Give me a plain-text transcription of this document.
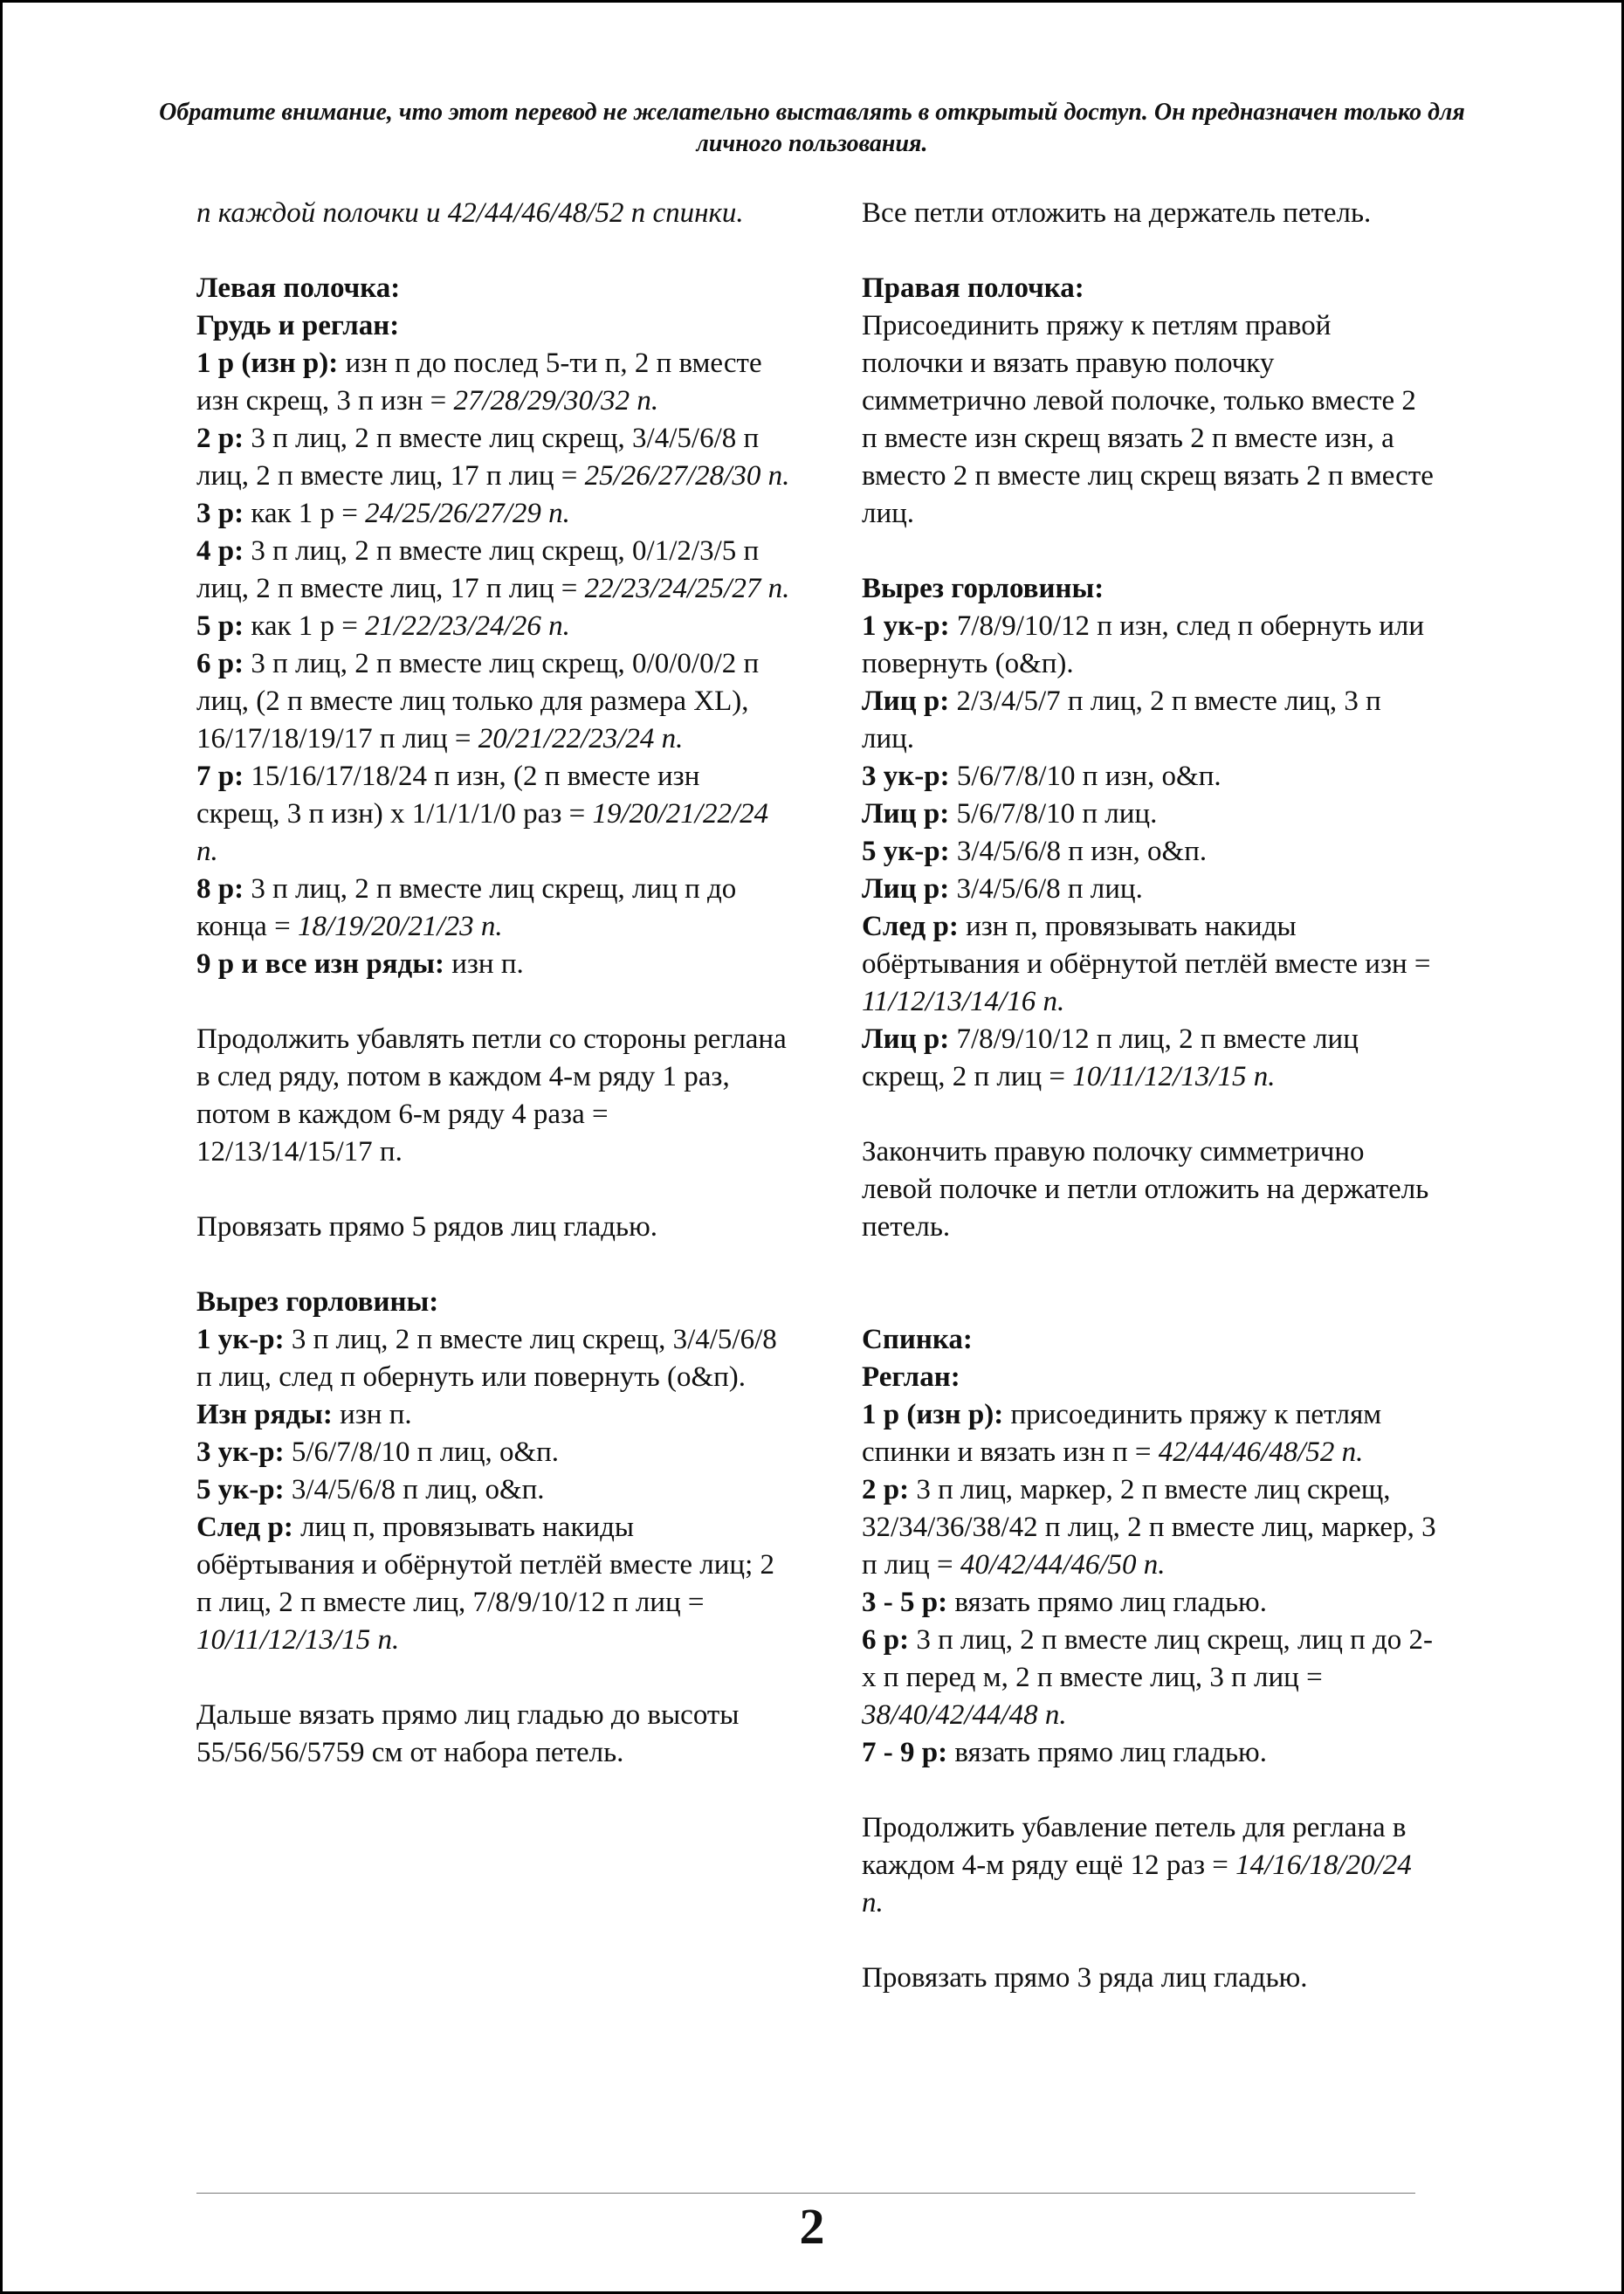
Обратите внимание, что этот перевод не желательно выставлять в открытый доступ. Он предназначен только для личного пользования.

п каждой полочки и 42/44/46/48/52 п спинки.

Левая полочка:

Грудь и реглан:

1 р (изн р): изн п до послед 5-ти п, 2 п вместе изн скрещ, 3 п изн = 27/28/29/30/32 п.

2 р: 3 п лиц, 2 п вместе лиц скрещ, 3/4/5/6/8 п лиц, 2 п вместе лиц, 17 п лиц = 25/26/27/28/30 п.

3 р: как 1 р = 24/25/26/27/29 п.

4 р: 3 п лиц, 2 п вместе лиц скрещ, 0/1/2/3/5 п лиц, 2 п вместе лиц, 17 п лиц = 22/23/24/25/27 п.

5 р: как 1 р = 21/22/23/24/26 п.

6 р: 3 п лиц, 2 п вместе лиц скрещ, 0/0/0/0/2 п лиц, (2 п вместе лиц только для размера XL), 16/17/18/19/17 п лиц = 20/21/22/23/24 п.

7 р: 15/16/17/18/24 п изн, (2 п вместе изн скрещ, 3 п изн) х 1/1/1/1/0 раз = 19/20/21/22/24 п.

8 р: 3 п лиц, 2 п вместе лиц скрещ, лиц п до конца = 18/19/20/21/23 п.

9 р и все изн ряды: изн п.

Продолжить убавлять петли со стороны реглана в след ряду, потом в каждом 4-м ряду 1 раз, потом в каждом 6-м ряду 4 раза = 12/13/14/15/17 п.

Провязать прямо 5 рядов лиц гладью.

Вырез горловины:

1 ук-р: 3 п лиц, 2 п вместе лиц скрещ, 3/4/5/6/8 п лиц, след п обернуть или повернуть (о&п).

Изн ряды: изн п.

3 ук-р: 5/6/7/8/10 п лиц, о&п.

5 ук-р: 3/4/5/6/8 п лиц, о&п.

След р: лиц п, провязывать накиды обёртывания и обёрнутой петлёй вместе лиц; 2 п лиц, 2 п вместе лиц, 7/8/9/10/12 п лиц = 10/11/12/13/15 п.

Дальше вязать прямо лиц гладью до высоты 55/56/56/5759 см от набора петель.

Все петли отложить на держатель петель.

Правая полочка:

Присоединить пряжу к петлям правой полочки и вязать правую полочку симметрично левой полочке, только вместе 2 п вместе изн скрещ вязать 2 п вместе изн, а вместо 2 п вместе лиц скрещ вязать 2 п вместе лиц.

Вырез горловины:

1 ук-р: 7/8/9/10/12 п изн, след п обернуть или повернуть (о&п).

Лиц р: 2/3/4/5/7 п лиц, 2 п вместе лиц, 3 п лиц.

3 ук-р: 5/6/7/8/10 п изн, о&п.

Лиц р: 5/6/7/8/10 п лиц.

5 ук-р: 3/4/5/6/8 п изн, о&п.

Лиц р: 3/4/5/6/8 п лиц.

След р: изн п, провязывать накиды обёртывания и обёрнутой петлёй вместе изн = 11/12/13/14/16 п.

Лиц р: 7/8/9/10/12 п лиц, 2 п вместе лиц скрещ, 2 п лиц = 10/11/12/13/15 п.

Закончить правую полочку симметрично левой полочке и петли отложить на держатель петель.

Спинка:

Реглан:

1 р (изн р): присоединить пряжу к петлям спинки и вязать изн п = 42/44/46/48/52 п.

2 р: 3 п лиц, маркер, 2 п вместе лиц скрещ, 32/34/36/38/42 п лиц, 2 п вместе лиц, маркер, 3 п лиц = 40/42/44/46/50 п.

3 - 5 р: вязать прямо лиц гладью.

6 р: 3 п лиц, 2 п вместе лиц скрещ, лиц п до 2-х п перед м, 2 п вместе лиц, 3 п лиц = 38/40/42/44/48 п.

7 - 9 р: вязать прямо лиц гладью.

Продолжить убавление петель для реглана в каждом 4-м ряду ещё 12 раз = 14/16/18/20/24 п.

Провязать прямо 3 ряда лиц гладью.

2
